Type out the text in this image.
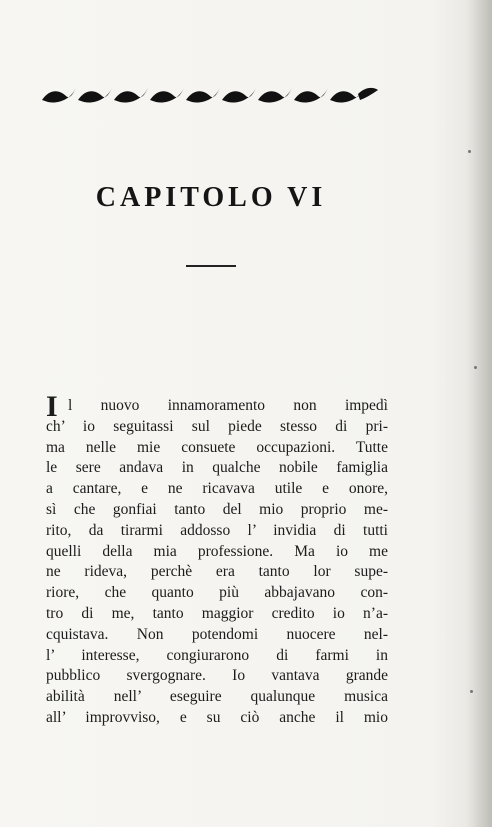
CAPITOLO VI
I l nuovo innamoramento non impedì
ch’ io seguitassi sul piede stesso di pri-
ma nelle mie consuete occupazioni. Tutte
le sere andava in qualche nobile famiglia
a cantare, e ne ricavava utile e onore,
sì che gonfiai tanto del mio proprio me-
rito, da tirarmi addosso l’ invidia di tutti
quelli della mia professione. Ma io me
ne rideva, perchè era tanto lor supe-
riore, che quanto più abbajavano con-
tro di me, tanto maggior credito io n’a-
cquistava. Non potendomi nuocere nel-
l’ interesse, congiurarono di farmi in
pubblico svergognare. Io vantava grande
abilità nell’ eseguire qualunque musica
all’ improvviso, e su ciò anche il mio
